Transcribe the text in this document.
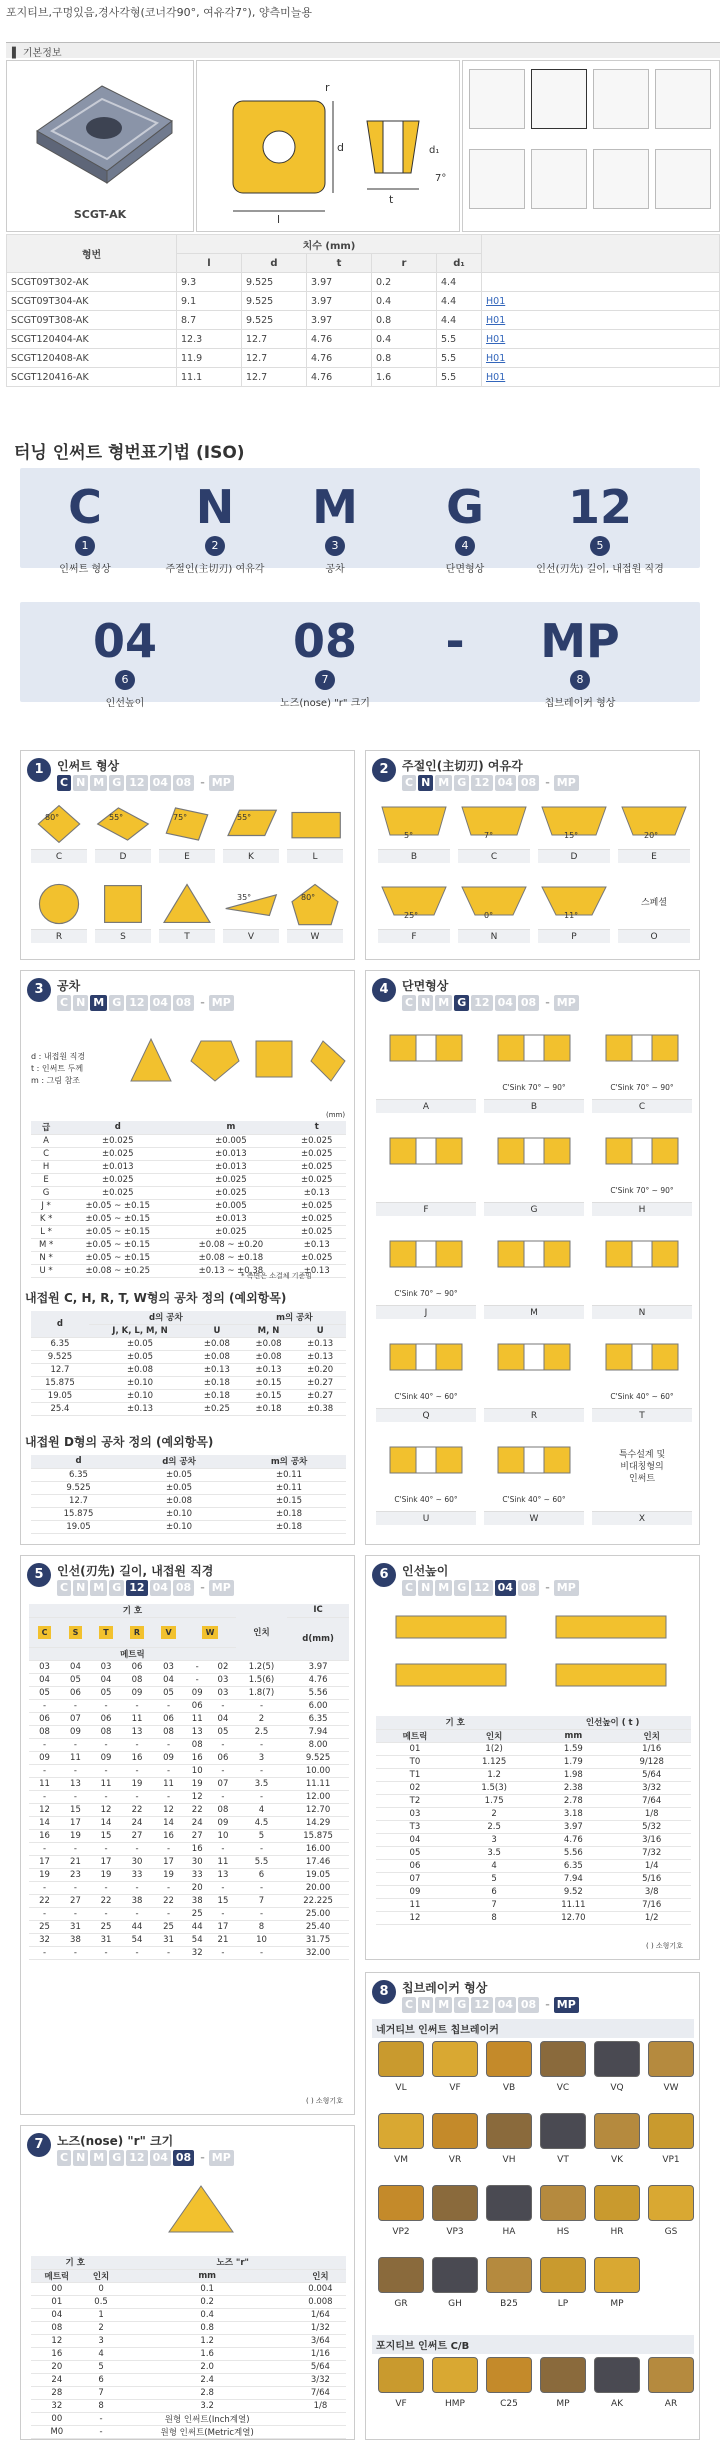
포지티브,구멍있음,경사각형(코너각90°, 여유각7°), 양측미늘용
▌ 기본정보
SCGT-AK	l
d
r
t
d₁
7°
형번	치수 (mm)					
	l	d	t	r	d₁	
SCGT09T302-AK	9.3	9.525	3.97	0.2	4.4	
SCGT09T304-AK	9.1	9.525	3.97	0.4	4.4	H01
SCGT09T308-AK	8.7	9.525	3.97	0.8	4.4	H01
SCGT120404-AK	12.3	12.7	4.76	0.4	5.5	H01
SCGT120408-AK	11.9	12.7	4.76	0.8	5.5	H01
SCGT120416-AK	11.1	12.7	4.76	1.6	5.5	H01
터닝 인써트 형번표기법 (ISO)
C
1
인써트 형상
N
2
주절인(主切刃) 여유각
M
3
공차
G
4
단면형상
12
5
인선(刃先) 길이, 내접원 직경
04
6
인선높이
08
7
노즈(nose) "r" 크기
-	MP
8
칩브레이커 형상
1	인써트 형상
C N M G 12 04 08 - MP
80°
C
55°
D
75°
E
55°
K	L
R	S	T
35°
V
80°
W
2	주절인(主切刃) 여유각
C N M G 12 04 08 - MP
5°
B
7°
C
15°
D
20°
E
25°
F
0°
N
11°
P
스페셜
O
3	공차
C N M G 12 04 08 - MP
d : 내접원 직경
t : 인써트 두께
m : 그림 참조
(mm)
급	d	m	t
A	±0.025	±0.005	±0.025
C	±0.025	±0.013	±0.025
H	±0.013	±0.013	±0.025
E	±0.025	±0.025	±0.025
G	±0.025	±0.025	±0.13
J *	±0.05 ~ ±0.15	±0.005	±0.025
K *	±0.05 ~ ±0.15	±0.013	±0.025
L *	±0.05 ~ ±0.15	±0.025	±0.025
M *	±0.05 ~ ±0.15	±0.08 ~ ±0.20	±0.13
N *	±0.05 ~ ±0.15	±0.08 ~ ±0.18	±0.025
U *	±0.08 ~ ±0.25	±0.13 ~ ±0.38	±0.13
* 측면은 소결체 기준임
내접원 C, H, R, T, W형의 공차 정의 (예외항목)
d	d의 공차		m의 공차	
	J, K, L, M, N	U	M, N	U
6.35	±0.05	±0.08	±0.08	±0.13
9.525	±0.05	±0.08	±0.08	±0.13
12.7	±0.08	±0.13	±0.13	±0.20
15.875	±0.10	±0.18	±0.15	±0.27
19.05	±0.10	±0.18	±0.15	±0.27
25.4	±0.13	±0.25	±0.18	±0.38
내접원 D형의 공차 정의 (예외항목)
d	d의 공차	m의 공차
6.35	±0.05	±0.11
9.525	±0.05	±0.11
12.7	±0.08	±0.15
15.875	±0.10	±0.18
19.05	±0.10	±0.18
4	단면형상
C N M G 12 04 08 - MP
A
C'Sink 70° ~ 90°
B
C'Sink 70° ~ 90°
C
F	G
C'Sink 70° ~ 90°
H
C'Sink 70° ~ 90°
J	M	N
C'Sink 40° ~ 60°
Q	R
C'Sink 40° ~ 60°
T
C'Sink 40° ~ 60°
U
C'Sink 40° ~ 60°
W
특수설계 및
비대칭형의
인써트
X
5	인선(刃先) 길이, 내접원 직경
C N M G 12 04 08 - MP
기 호							인치	IC
C	S	T	R	V	W			d(mm)
메트릭								
03	04	03	06	03	-	02	1.2(5)	3.97
04	05	04	08	04	-	03	1.5(6)	4.76
05	06	05	09	05	09	03	1.8(7)	5.56
-	-	-	-	-	06	-	-	6.00
06	07	06	11	06	11	04	2	6.35
08	09	08	13	08	13	05	2.5	7.94
-	-	-	-	-	08	-	-	8.00
09	11	09	16	09	16	06	3	9.525
-	-	-	-	-	10	-	-	10.00
11	13	11	19	11	19	07	3.5	11.11
-	-	-	-	-	12	-	-	12.00
12	15	12	22	12	22	08	4	12.70
14	17	14	24	14	24	09	4.5	14.29
16	19	15	27	16	27	10	5	15.875
-	-	-	-	-	16	-	-	16.00
17	21	17	30	17	30	11	5.5	17.46
19	23	19	33	19	33	13	6	19.05
-	-	-	-	-	20	-	-	20.00
22	27	22	38	22	38	15	7	22.225
-	-	-	-	-	25	-	-	25.00
25	31	25	44	25	44	17	8	25.40
32	38	31	54	31	54	21	10	31.75
-	-	-	-	-	32	-	-	32.00
( ) 소형기호
6	인선높이
C N M G 12 04 08 - MP
기 호		인선높이 ( t )	
메트릭	인치	mm	인치
01	1(2)	1.59	1/16
T0	1.125	1.79	9/128
T1	1.2	1.98	5/64
02	1.5(3)	2.38	3/32
T2	1.75	2.78	7/64
03	2	3.18	1/8
T3	2.5	3.97	5/32
04	3	4.76	3/16
05	3.5	5.56	7/32
06	4	6.35	1/4
07	5	7.94	5/16
09	6	9.52	3/8
11	7	11.11	7/16
12	8	12.70	1/2
( ) 소형기호
7	노즈(nose) "r" 크기
C N M G 12 04 08 - MP
기 호		노즈 "r"	
메트릭	인치	mm	인치
00	0	0.1	0.004
01	0.5	0.2	0.008
04	1	0.4	1/64
08	2	0.8	1/32
12	3	1.2	3/64
16	4	1.6	1/16
20	5	2.0	5/64
24	6	2.4	3/32
28	7	2.8	7/64
32	8	3.2	1/8
00	-	원형 인써트(Inch계열)	
M0	-	원형 인써트(Metric계열)	
8	칩브레이커 형상
C N M G 12 04 08 - MP
네거티브 인써트 칩브레이커
VL	VF	VB	VC	VQ	VW
VM	VR	VH	VT	VK	VP1
VP2	VP3	HA	HS	HR	GS
GR	GH	B25	LP	MP
포지티브 인써트 C/B
VF	HMP	C25	MP	AK	AR
